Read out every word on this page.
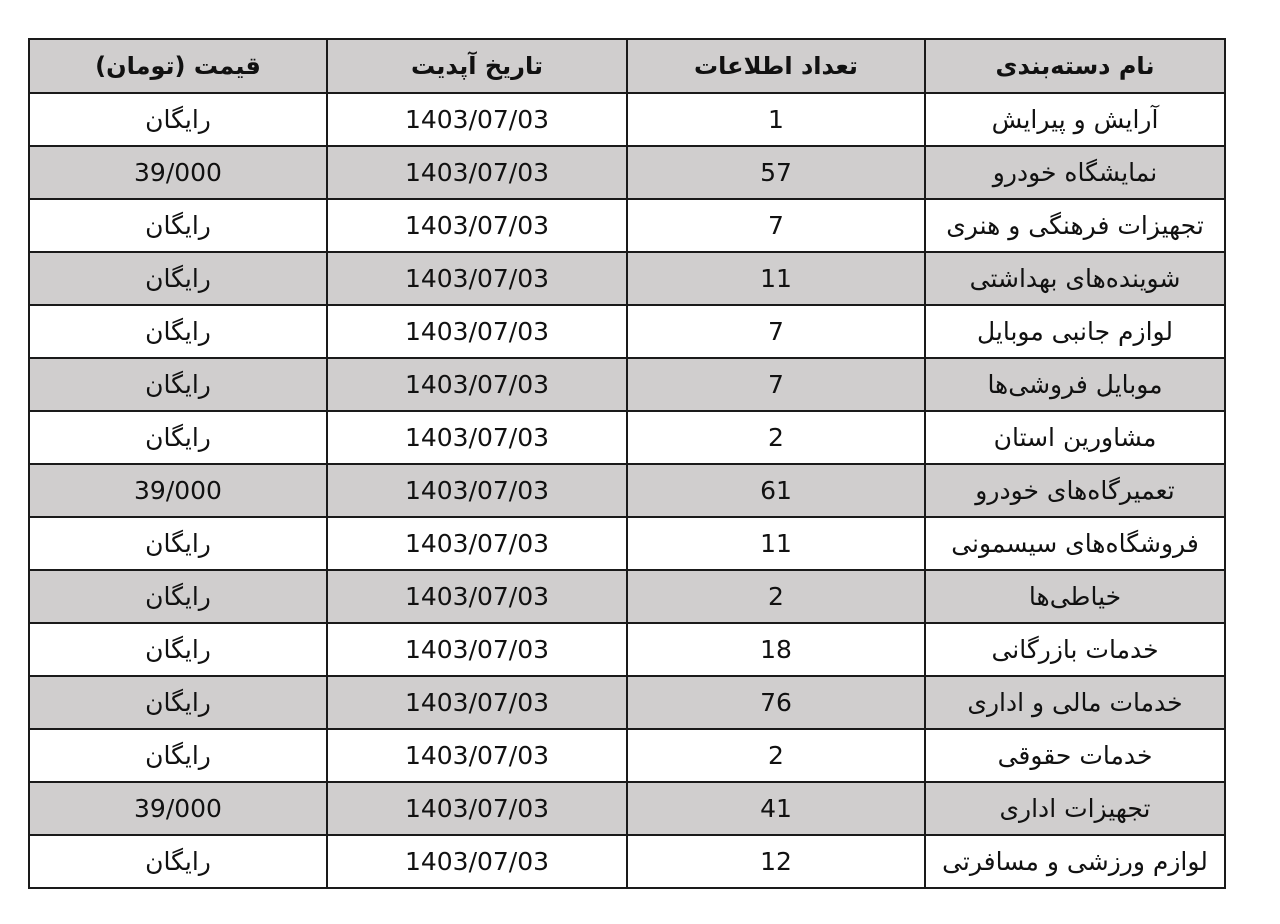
نام دسته‌بندی	تعداد اطلاعات	تاریخ آپدیت	قیمت (تومان)
آرایش و پیرایش	1	1403/07/03	رایگان
نمایشگاه خودرو	57	1403/07/03	39/000
تجهیزات فرهنگی و هنری	7	1403/07/03	رایگان
شوینده‌های بهداشتی	11	1403/07/03	رایگان
لوازم جانبی موبایل	7	1403/07/03	رایگان
موبایل فروشی‌ها	7	1403/07/03	رایگان
مشاورین استان	2	1403/07/03	رایگان
تعمیرگاه‌های خودرو	61	1403/07/03	39/000
فروشگاه‌های سیسمونی	11	1403/07/03	رایگان
خیاطی‌ها	2	1403/07/03	رایگان
خدمات بازرگانی	18	1403/07/03	رایگان
خدمات مالی و اداری	76	1403/07/03	رایگان
خدمات حقوقی	2	1403/07/03	رایگان
تجهیزات اداری	41	1403/07/03	39/000
لوازم ورزشی و مسافرتی	12	1403/07/03	رایگان
